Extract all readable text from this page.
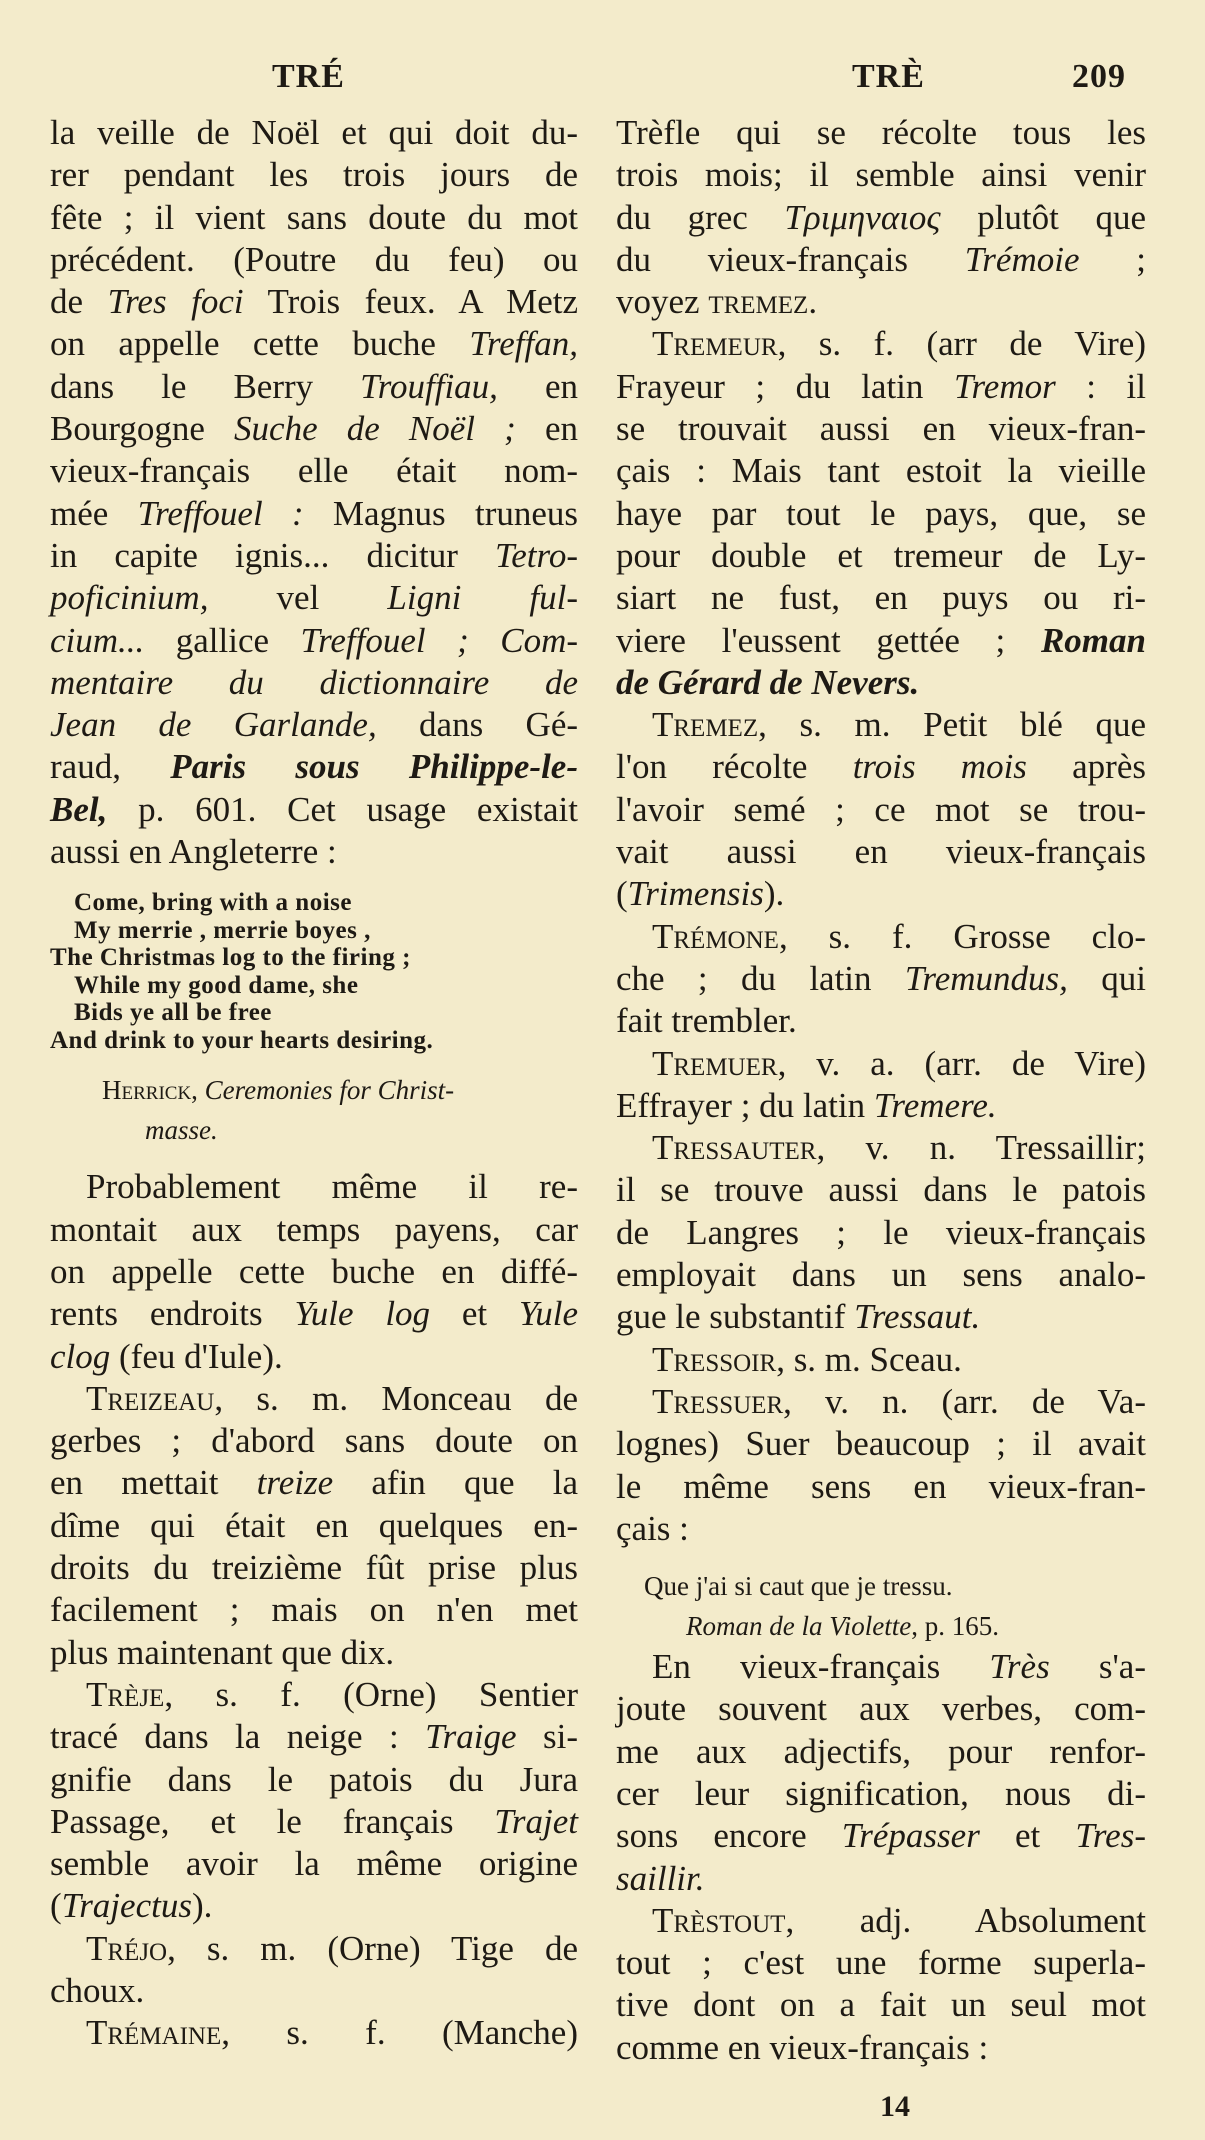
TRÉ	TRÈ	209
la veille de Noël et qui doit du-
rer pendant les trois jours de
fête ; il vient sans doute du mot
précédent. (Poutre du feu) ou
de Tres foci Trois feux. A Metz
on appelle cette buche Treffan,
dans le Berry Trouffiau, en
Bourgogne Suche de Noël ; en
vieux-français elle était nom-
mée Treffouel : Magnus truneus
in capite ignis... dicitur Tetro-
poficinium, vel Ligni ful-
cium... gallice Treffouel ; Com-
mentaire du dictionnaire de
Jean de Garlande, dans Gé-
raud, Paris sous Philippe-le-
Bel, p. 601. Cet usage existait
aussi en Angleterre :
Come, bring with a noise
My merrie , merrie boyes ,
The Christmas log to the firing ;
While my good dame, she
Bids ye all be free
And drink to your hearts desiring.
Herrick, Ceremonies for Christ-
masse.
Probablement même il re-
montait aux temps payens, car
on appelle cette buche en diffé-
rents endroits Yule log et Yule
clog (feu d'Iule).
Treizeau, s. m. Monceau de
gerbes ; d'abord sans doute on
en mettait treize afin que la
dîme qui était en quelques en-
droits du treizième fût prise plus
facilement ; mais on n'en met
plus maintenant que dix.
Trèje, s. f. (Orne) Sentier
tracé dans la neige : Traige si-
gnifie dans le patois du Jura
Passage, et le français Trajet
semble avoir la même origine
(Trajectus).
Tréjo, s. m. (Orne) Tige de
choux.
Trémaine, s. f. (Manche)
Trèfle qui se récolte tous les
trois mois; il semble ainsi venir
du grec Τριμηναιος plutôt que
du vieux-français Trémoie ;
voyez tremez.
Tremeur, s. f. (arr de Vire)
Frayeur ; du latin Tremor : il
se trouvait aussi en vieux-fran-
çais : Mais tant estoit la vieille
haye par tout le pays, que, se
pour double et tremeur de Ly-
siart ne fust, en puys ou ri-
viere l'eussent gettée ; Roman
de Gérard de Nevers.
Tremez, s. m. Petit blé que
l'on récolte trois mois après
l'avoir semé ; ce mot se trou-
vait aussi en vieux-français
(Trimensis).
Trémone, s. f. Grosse clo-
che ; du latin Tremundus, qui
fait trembler.
Tremuer, v. a. (arr. de Vire)
Effrayer ; du latin Tremere.
Tressauter, v. n. Tressaillir;
il se trouve aussi dans le patois
de Langres ; le vieux-français
employait dans un sens analo-
gue le substantif Tressaut.
Tressoir, s. m. Sceau.
Tressuer, v. n. (arr. de Va-
lognes) Suer beaucoup ; il avait
le même sens en vieux-fran-
çais :
Que j'ai si caut que je tressu.
Roman de la Violette, p. 165.
En vieux-français Très s'a-
joute souvent aux verbes, com-
me aux adjectifs, pour renfor-
cer leur signification, nous di-
sons encore Trépasser et Tres-
saillir.
Trèstout, adj. Absolument
tout ; c'est une forme superla-
tive dont on a fait un seul mot
comme en vieux-français :
14
